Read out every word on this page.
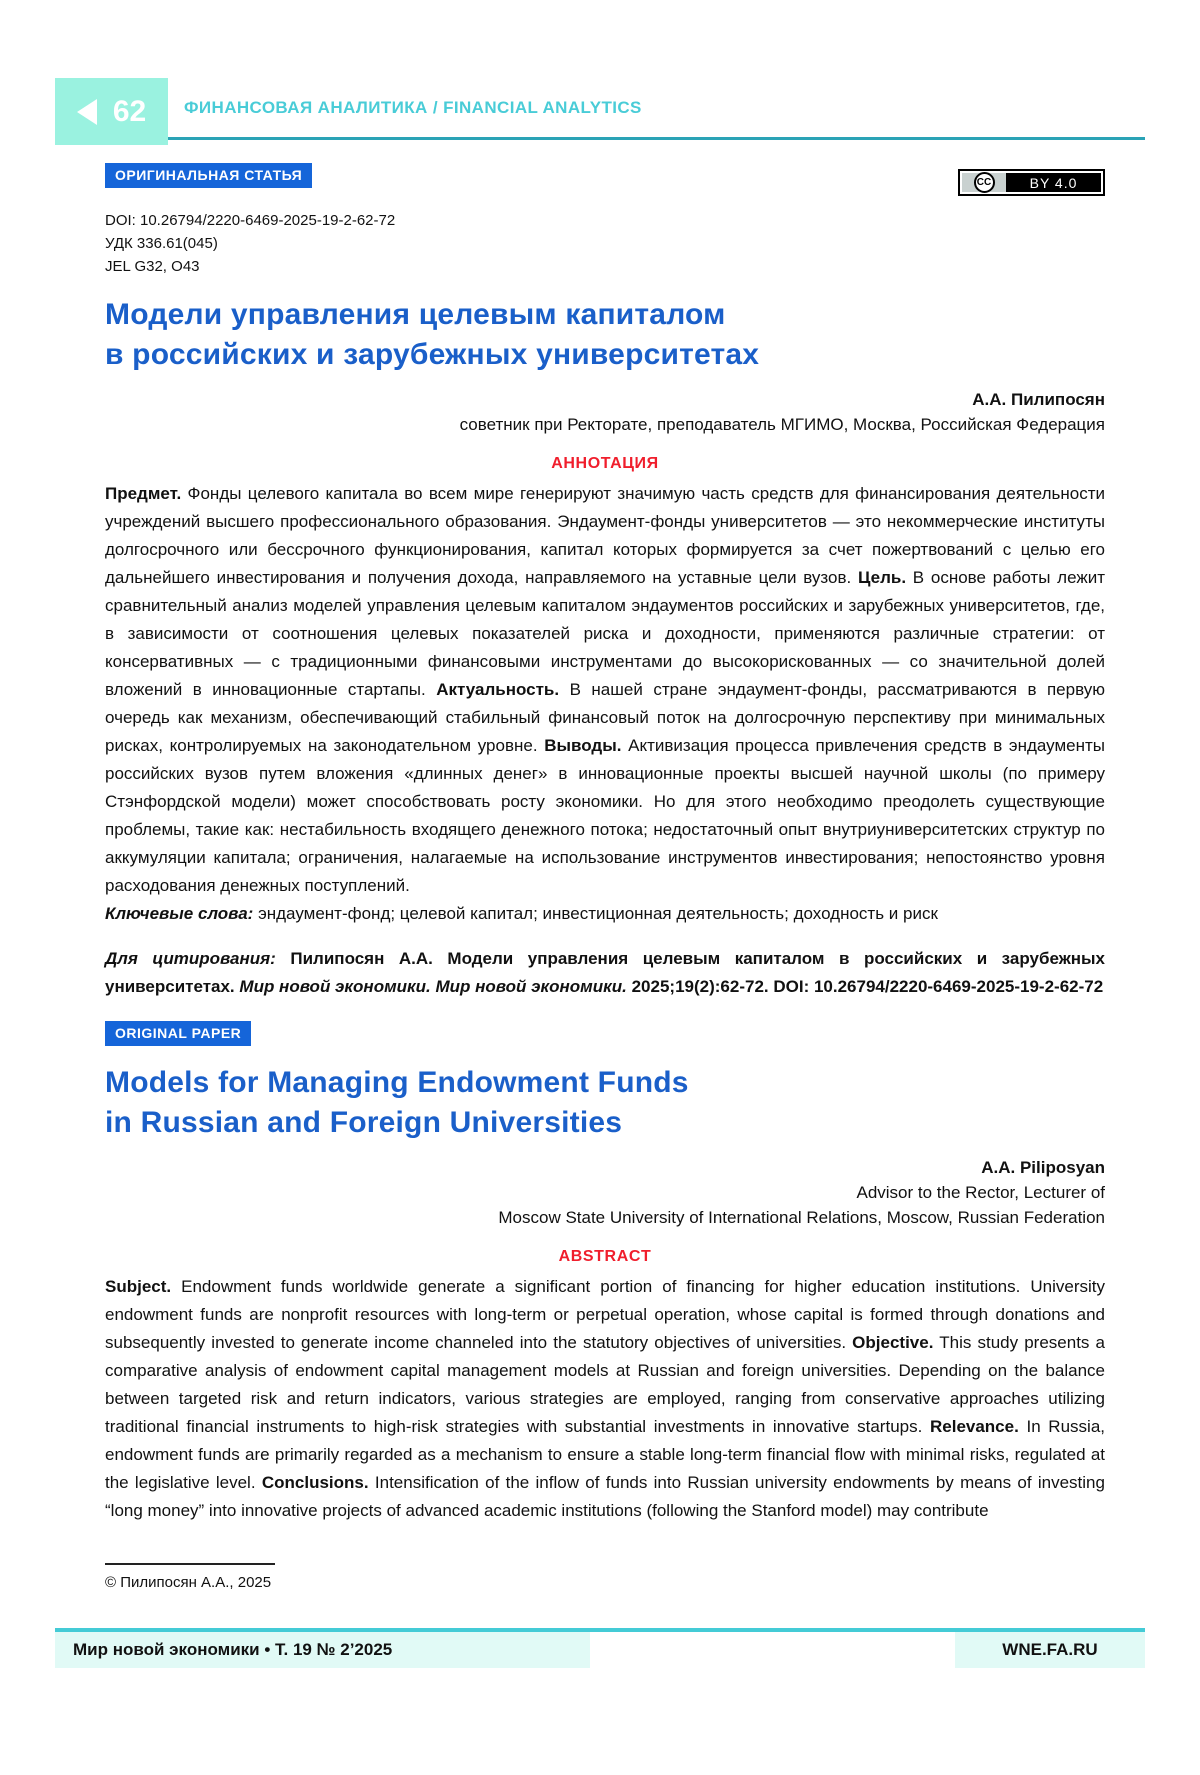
62 ФИНАНСОВАЯ АНАЛИТИКА / FINANCIAL ANALYTICS
ОРИГИНАЛЬНАЯ СТАТЬЯ	CC	BY 4.0
DOI: 10.26794/2220-6469-2025-19-2-62-72
УДК 336.61(045)
JEL G32, O43
Модели управления целевым капиталом
в российских и зарубежных университетах
А.А. Пилипосян
советник при Ректорате, преподаватель МГИМО, Москва, Российская Федерация
АННОТАЦИЯ

Предмет. Фонды целевого капитала во всем мире генерируют значимую часть средств для финансирования деятельности учреждений высшего профессионального образования. Эндаумент-фонды университетов — это некоммерческие институты долгосрочного или бессрочного функционирования, капитал которых формируется за счет пожертвований с целью его дальнейшего инвестирования и получения дохода, направляемого на уставные цели вузов. Цель. В основе работы лежит сравнительный анализ моделей управления целевым капиталом эндаументов российских и зарубежных университетов, где, в зависимости от соотношения целевых показателей риска и доходности, применяются различные стратегии: от консервативных — с традиционными финансовыми инструментами до высокорискованных — со значительной долей вложений в инновационные стартапы. Актуальность. В нашей стране эндаумент-фонды, рассматриваются в первую очередь как механизм, обеспечивающий стабильный финансовый поток на долгосрочную перспективу при минимальных рисках, контролируемых на законодательном уровне. Выводы. Активизация процесса привлечения средств в эндаументы российских вузов путем вложения «длинных денег» в инновационные проекты высшей научной школы (по примеру Стэнфордской модели) может способствовать росту экономики. Но для этого необходимо преодолеть существующие проблемы, такие как: нестабильность входящего денежного потока; недостаточный опыт внутриуниверситетских структур по аккумуляции капитала; ограничения, налагаемые на использование инструментов инвестирования; непостоянство уровня расходования денежных поступлений.

Ключевые слова: эндаумент-фонд; целевой капитал; инвестиционная деятельность; доходность и риск

Для цитирования: Пилипосян А.А. Модели управления целевым капиталом в российских и зарубежных университетах. Мир новой экономики. Мир новой экономики. 2025;19(2):62-72. DOI: 10.26794/2220-6469-2025-19-2-62-72

ORIGINAL PAPER
Models for Managing Endowment Funds
in Russian and Foreign Universities
A.A. Piliposyan
Advisor to the Rector, Lecturer of
Moscow State University of International Relations, Moscow, Russian Federation
ABSTRACT

Subject. Endowment funds worldwide generate a significant portion of financing for higher education institutions. University endowment funds are nonprofit resources with long-term or perpetual operation, whose capital is formed through donations and subsequently invested to generate income channeled into the statutory objectives of universities. Objective. This study presents a comparative analysis of endowment capital management models at Russian and foreign universities. Depending on the balance between targeted risk and return indicators, various strategies are employed, ranging from conservative approaches utilizing traditional financial instruments to high-risk strategies with substantial investments in innovative startups. Relevance. In Russia, endowment funds are primarily regarded as a mechanism to ensure a stable long-term financial flow with minimal risks, regulated at the legislative level. Conclusions. Intensification of the inflow of funds into Russian university endowments by means of investing “long money” into innovative projects of advanced academic institutions (following the Stanford model) may contribute

© Пилипосян А.А., 2025
Мир новой экономики • Т. 19 № 2’2025	WNE.FA.RU
